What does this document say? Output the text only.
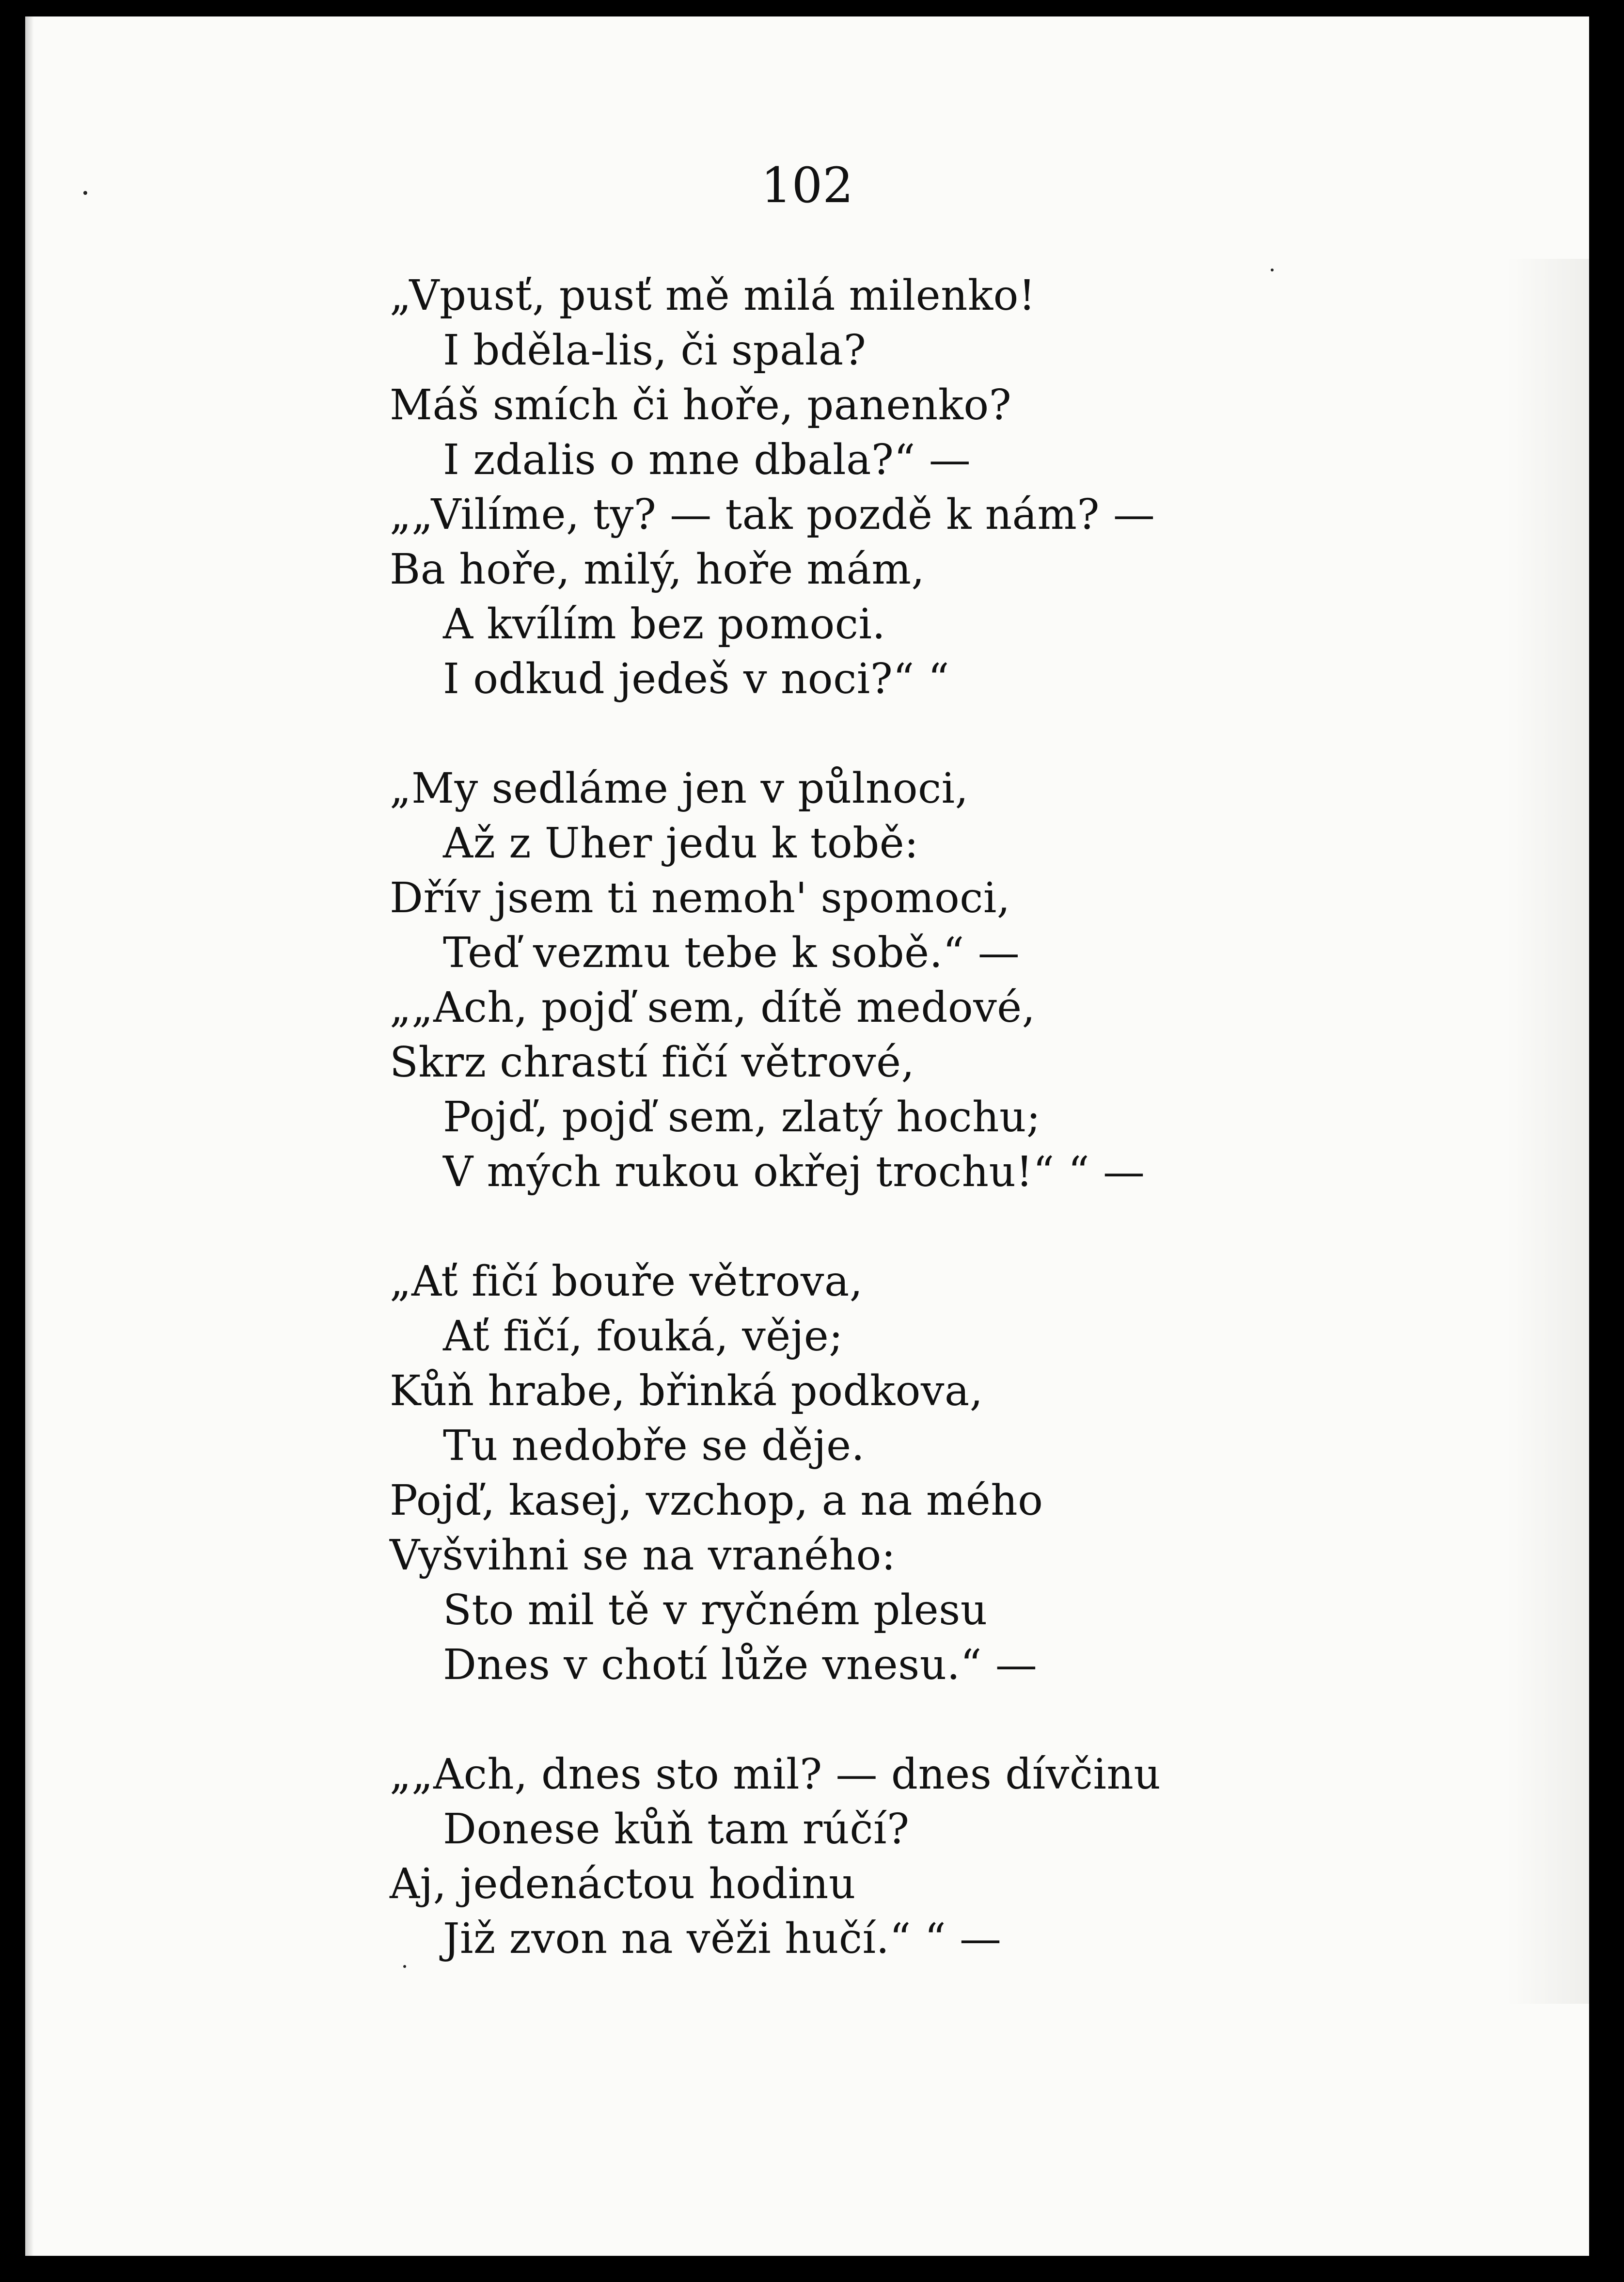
102
„Vpusť, pusť mě milá milenko!
I bděla-lis, či spala?
Máš smích či hoře, panenko?
I zdalis o mne dbala?“ —
„„Vilíme, ty? — tak pozdě k nám? —
Ba hoře, milý, hoře mám,
A kvílím bez pomoci.
I odkud jedeš v noci?“ “
„My sedláme jen v půlnoci,
Až z Uher jedu k tobě:
Dřív jsem ti nemoh' spomoci,
Teď vezmu tebe k sobě.“ —
„„Ach, pojď sem, dítě medové,
Skrz chrastí fičí větrové,
Pojď, pojď sem, zlatý hochu;
V mých rukou okřej trochu!“ “ —
„Ať fičí bouře větrova,
Ať fičí, fouká, věje;
Kůň hrabe, břinká podkova,
Tu nedobře se děje.
Pojď, kasej, vzchop, a na mého
Vyšvihni se na vraného:
Sto mil tě v ryčném plesu
Dnes v chotí lůže vnesu.“ —
„„Ach, dnes sto mil? — dnes dívčinu
Donese kůň tam rúčí?
Aj, jedenáctou hodinu
Již zvon na věži hučí.“ “ —
